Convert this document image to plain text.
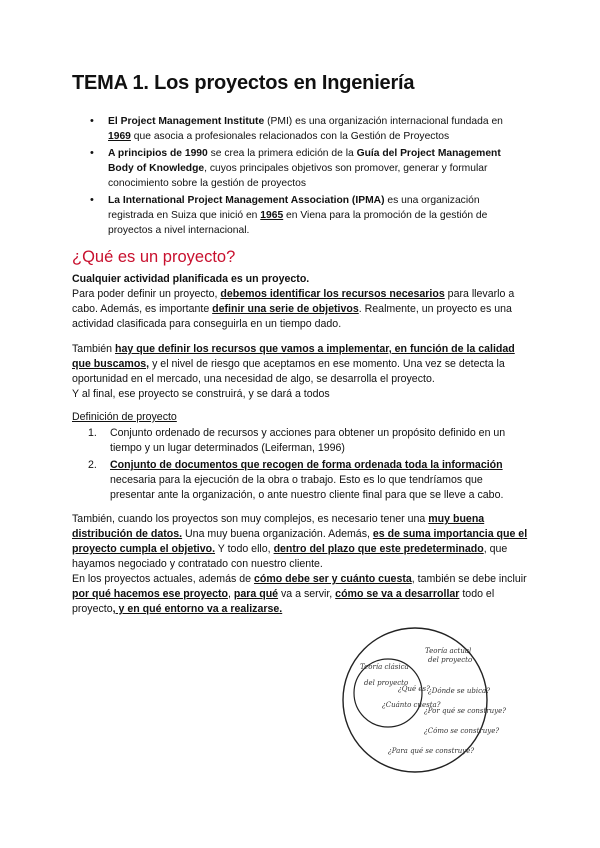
TEMA 1. Los proyectos en Ingeniería
• El Project Management Institute (PMI) es una organización internacional fundada en 1969 que asocia a profesionales relacionados con la Gestión de Proyectos
• A principios de 1990 se crea la primera edición de la Guía del Project Management Body of Knowledge, cuyos principales objetivos son promover, generar y formular conocimiento sobre la gestión de proyectos
• La International Project Management Association (IPMA) es una organización registrada en Suiza que inició en 1965 en Viena para la promoción de la gestión de proyectos a nivel internacional.
¿Qué es un proyecto?

Cualquier actividad planificada es un proyecto.
Para poder definir un proyecto, debemos identificar los recursos necesarios para llevarlo a cabo. Además, es importante definir una serie de objetivos. Realmente, un proyecto es una actividad clasificada para conseguirla en un tiempo dado.

También hay que definir los recursos que vamos a implementar, en función de la calidad que buscamos, y el nivel de riesgo que aceptamos en ese momento. Una vez se detecta la oportunidad en el mercado, una necesidad de algo, se desarrolla el proyecto.
Y al final, ese proyecto se construirá, y se dará a todos

Definición de proyecto

1. Conjunto ordenado de recursos y acciones para obtener un propósito definido en un tiempo y un lugar determinados (Leiferman, 1996)
2. Conjunto de documentos que recogen de forma ordenada toda la información necesaria para la ejecución de la obra o trabajo. Esto es lo que tendríamos que presentar ante la organización, o ante nuestro cliente final para que se lleve a cabo.

También, cuando los proyectos son muy complejos, es necesario tener una muy buena distribución de datos. Una muy buena organización. Además, es de suma importancia que el proyecto cumpla el objetivo. Y todo ello, dentro del plazo que este predeterminado, que hayamos negociado y contratado con nuestro cliente.
En los proyectos actuales, además de cómo debe ser y cuánto cuesta, también se debe incluir por qué hacemos ese proyecto, para qué va a servir, cómo se va a desarrollar todo el proyecto, y en qué entorno va a realizarse.

Teoría actual
del proyecto
Teoría clásica
del proyecto
¿Qué es?
¿Cuánto cuesta?
¿Dónde se ubica?
¿Por qué se construye?
¿Cómo se construye?
¿Para qué se construye?
